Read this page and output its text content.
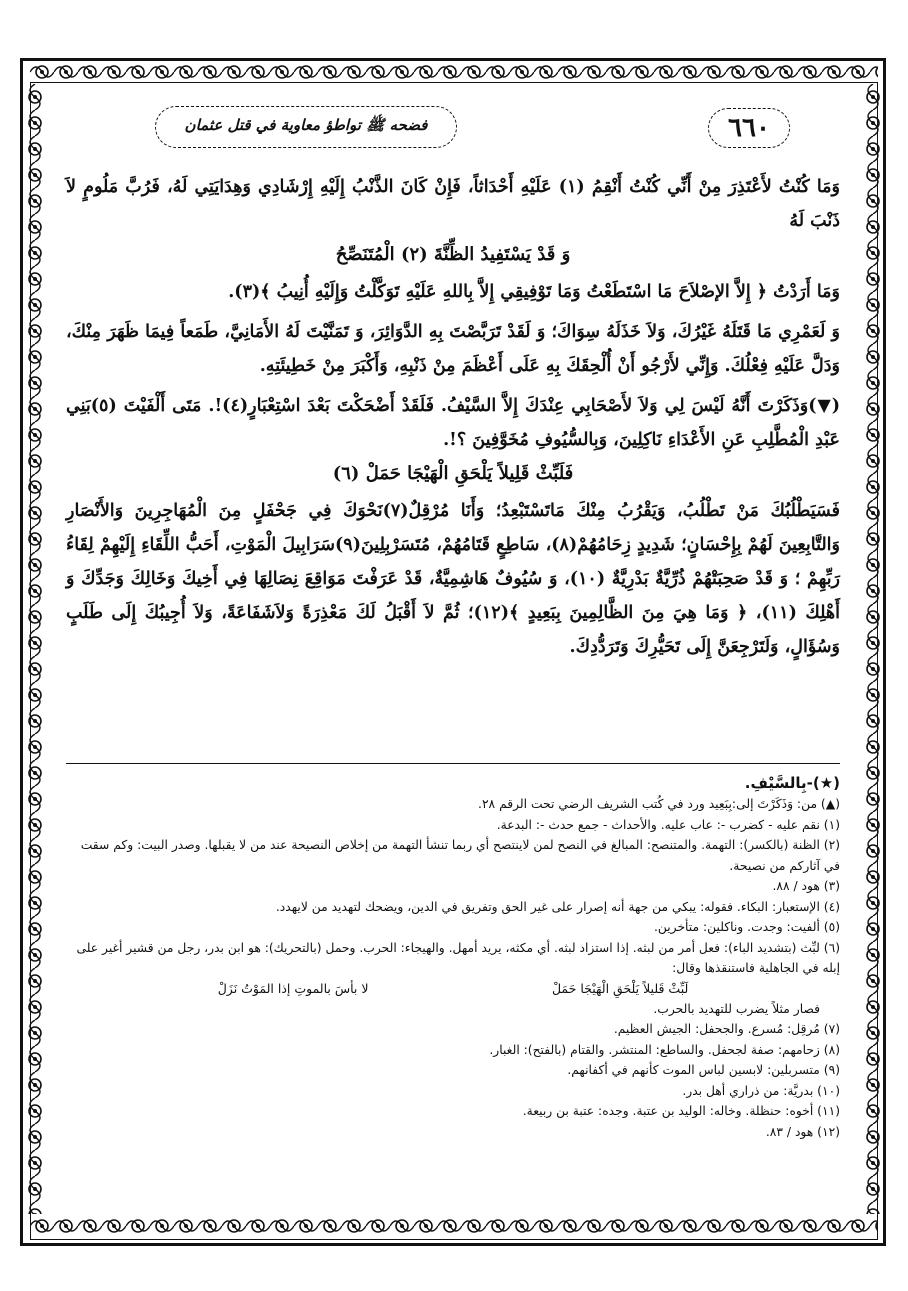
فضحه ﷺ تواطؤ معاوية في قتل عثمان	٦٦٠

وَمَا كُنْتُ لأَعْتَذِرَ مِنْ أَنِّي كُنْتُ أَنْقِمُ (١) عَلَيْهِ أَحْدَاثاً، فَإِنْ كَانَ الذَّنْبُ إِلَيْهِ إِرْشَادِي وَهِدَايَتِي لَهُ، فَرُبَّ مَلُومٍ لاَ ذَنْبَ لَهُ

وَ قَدْ يَسْتَفِيدُ الظِّنَّةَ (٢) الْمُتَنَصِّحُ

وَمَا أَرَدْتُ ﴿ إِلاَّ الإصْلاَحَ مَا اسْتَطَعْتُ وَمَا تَوْفِيقِي إِلاَّ بِاللهِ عَلَيْهِ تَوَكَّلْتُ وَإِلَيْهِ أُنِيبُ ﴾(٣).

وَ لَعَمْرِي مَا قَتَلَهُ غَيْرُكَ، وَلاَ خَذَلَهُ سِوَاكَ؛ وَ لَقَدْ تَرَبَّصْتَ بِهِ الدَّوَائِرَ، وَ تَمَنَّيْتَ لَهُ الأَمَانِيَّ، طَمَعاً فِيمَا ظَهَرَ مِنْكَ، وَدَلَّ عَلَيْهِ فِعْلُكَ. وَإِنِّي لأَرْجُو أَنْ أُلْحِقَكَ بِهِ عَلَى أَعْظَمَ مِنْ ذَنْبِهِ، وَأَكْبَرَ مِنْ خَطِيئَتِهِ.

(▼)وَذَكَرْتَ أَنَّهُ لَيْسَ لِي وَلاَ لأَصْحَابِي عِنْدَكَ إِلاَّ السَّيْفُ. فَلَقَدْ أَضْحَكْتَ بَعْدَ اسْتِعْبَارٍ(٤)!. مَتَى أَلْفَيْتَ (٥)بَنِي عَبْدِ الْمُطَّلِبِ عَنِ الأَعْدَاءِ نَاكِلِينَ، وَبِالسُّيُوفِ مُخَوَّفِينَ ؟!.

فَلَبِّثْ قَلِيلاً يَلْحَقِ الْهَيْجَا حَمَلْ (٦)

فَسَيَطْلُبُكَ مَنْ تَطْلُبُ، وَيَقْرُبُ مِنْكَ مَاتَسْتَبْعِدُ؛ وَأَنَا مُرْقِلٌ(٧)نَحْوَكَ فِي جَحْفَلٍ مِنَ الْمُهَاجِرِينَ وَالأَنْصَارِ وَالتَّابِعِينَ لَهُمْ بِإِحْسَانٍ؛ شَدِيدٍ زِحَامُهُمْ(٨)، سَاطِعٍ قَتَامُهُمْ، مُتَسَرْبِلِينَ(٩)سَرَابِيلَ الْمَوْتِ، أَحَبُّ اللِّقَاءِ إِلَيْهِمْ لِقَاءُ رَبِّهِمْ ؛ وَ قَدْ صَحِبَتْهُمْ ذُرِّيَّةٌ بَدْرِيَّةٌ (١٠)، وَ سُيُوفٌ هَاشِمِيَّةٌ، قَدْ عَرَفْتَ مَوَاقِعَ نِصَالِهَا فِي أَخِيكَ وَخَالِكَ وَجَدِّكَ وَ أَهْلِكَ (١١)، ﴿ وَمَا هِيَ مِنَ الظَّالِمِينَ بِبَعِيدٍ ﴾(١٢)؛ ثُمَّ لاَ أَقْبَلُ لَكَ مَعْذِرَةً وَلاَشَفَاعَةً، وَلاَ أُجِيبُكَ إِلَى طَلَبٍ وَسُؤَالٍ، وَلَتَرْجِعَنَّ إِلَى تَحَيُّرِكَ وَتَرَدُّدِكَ.

(★)-بِالسَّيْفِ.

(▲) من: وَذَكَرْتَ إلى:بِبَعِيد ورد في كُتب الشريف الرضي تحت الرقم ٢٨.

(١) نقم عليه - كضرب -: عاب عليه. والأحداث - جمع حدث -: البدعة.

(٢) الظنة (بالكسر): التهمة. والمتنصح: المبالغ في النصح لمن لاينتصح أي ربما تنشأ التهمة من إخلاص النصيحة عند من لا يقبلها. وصدر البيت: وكم سقت في آثاركم من نصيحة.

(٣) هود / ٨٨.

(٤) الإستعبار: البكاء. فقوله: يبكي من جهة أنه إصرار على غير الحق وتفريق في الدين، ويضحك لتهديد من لايهدد.

(٥) ألفيت: وجدت. وناكلين: متأخرين.

(٦) لبِّث (بتشديد الباء): فعل أمر من لبثه. إذا استزاد لبثه. أي مكثه، يريد أمهل. والهيجاء: الحرب. وحمل (بالتحريك): هو ابن بدر، رجل من قشير أغير على إبله في الجاهلية فاستنقذها وقال:

لَبِّثْ قَليلاً يَلْحَقِ الْهَيْجَا حَمَلْ
لا بأسَ بالموتِ إذا المَوْتُ نَزَلْ

فصار مثلاً يضرب للتهديد بالحرب.

(٧) مُرقِل: مُسرع. والجحفل: الجيش العظيم.

(٨) زحامهم: صفة لجحفل. والساطع: المنتشر. والقتام (بالفتح): الغبار.

(٩) متسربلين: لابسين لباس الموت كأنهم في أكفانهم.

(١٠) بدريَّة: من ذراري أهل بدر.

(١١) أخوه: حنظلة. وخاله: الوليد بن عتبة. وجده: عتبة بن ربيعة.

(١٢) هود / ٨٣.
